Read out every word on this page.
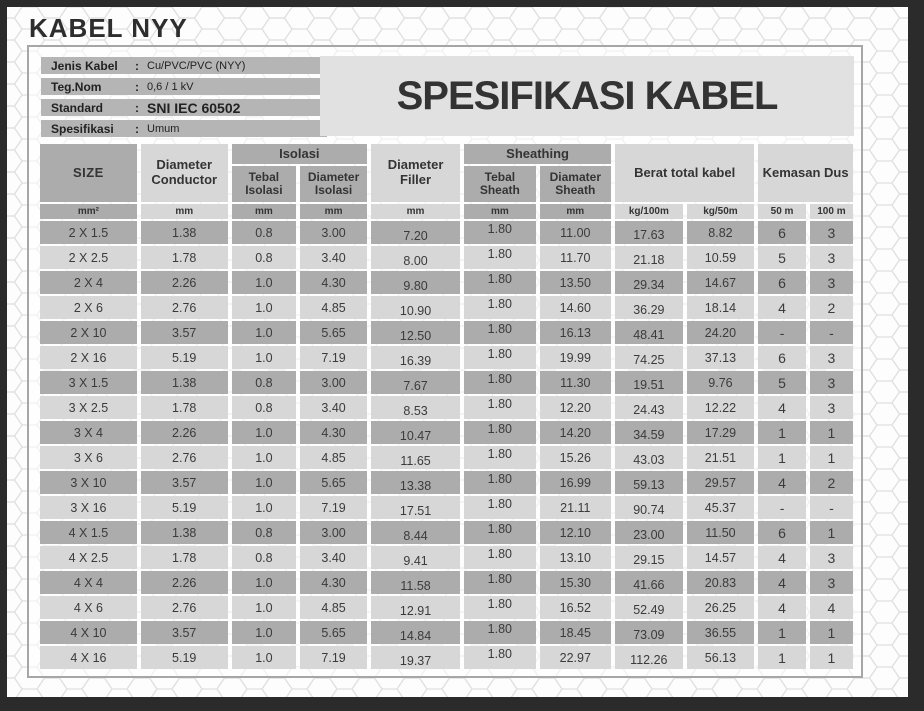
KABEL NYY
Jenis Kabel	: Cu/PVC/PVC (NYY)
Teg.Nom	: 0,6 / 1 kV
Standard	: SNI IEC 60502
Spesifikasi	: Umum
SPESIFIKASI KABEL
SIZE	Diameter Conductor	Isolasi		Diameter Filler	Sheathing		Berat total kabel		Kemasan Dus	
		Tebal Isolasi	Diameter Isolasi		Tebal Sheath	Diamater Sheath				
mm²	mm	mm	mm	mm	mm	mm	kg/100m	kg/50m	50 m	100 m
2 X 1.5	1.38	0.8	3.00	7.20	1.80	11.00	17.63	8.82	6	3
2 X 2.5	1.78	0.8	3.40	8.00	1.80	11.70	21.18	10.59	5	3
2 X 4	2.26	1.0	4.30	9.80	1.80	13.50	29.34	14.67	6	3
2 X 6	2.76	1.0	4.85	10.90	1.80	14.60	36.29	18.14	4	2
2 X 10	3.57	1.0	5.65	12.50	1.80	16.13	48.41	24.20	-	-
2 X 16	5.19	1.0	7.19	16.39	1.80	19.99	74.25	37.13	6	3
3 X 1.5	1.38	0.8	3.00	7.67	1.80	11.30	19.51	9.76	5	3
3 X 2.5	1.78	0.8	3.40	8.53	1.80	12.20	24.43	12.22	4	3
3 X 4	2.26	1.0	4.30	10.47	1.80	14.20	34.59	17.29	1	1
3 X 6	2.76	1.0	4.85	11.65	1.80	15.26	43.03	21.51	1	1
3 X 10	3.57	1.0	5.65	13.38	1.80	16.99	59.13	29.57	4	2
3 X 16	5.19	1.0	7.19	17.51	1.80	21.11	90.74	45.37	-	-
4 X 1.5	1.38	0.8	3.00	8.44	1.80	12.10	23.00	11.50	6	1
4 X 2.5	1.78	0.8	3.40	9.41	1.80	13.10	29.15	14.57	4	3
4 X 4	2.26	1.0	4.30	11.58	1.80	15.30	41.66	20.83	4	3
4 X 6	2.76	1.0	4.85	12.91	1.80	16.52	52.49	26.25	4	4
4 X 10	3.57	1.0	5.65	14.84	1.80	18.45	73.09	36.55	1	1
4 X 16	5.19	1.0	7.19	19.37	1.80	22.97	112.26	56.13	1	1
